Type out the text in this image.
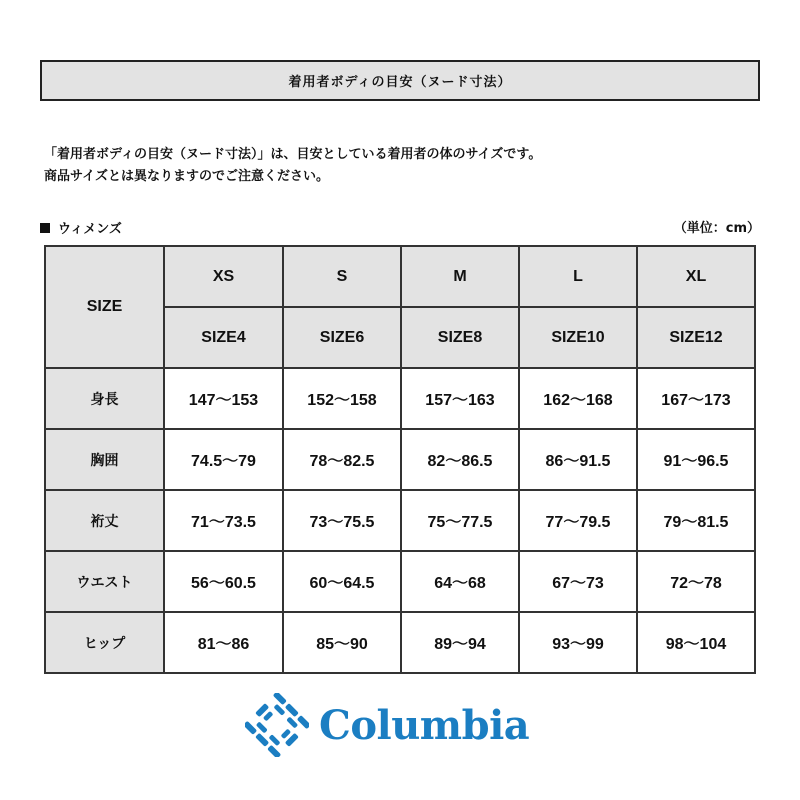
着用者ボディの目安（ヌード寸法）

「着用者ボディの目安（ヌード寸法）」は、目安としている着用者の体のサイズです。

商品サイズとは異なりますのでご注意ください。

ウィメンズ	（単位：cm）
SIZE	XS	S	M	L	XL
	SIZE4	SIZE6	SIZE8	SIZE10	SIZE12
身長	147～153	152～158	157～163	162～168	167～173
胸囲	74.5～79	78～82.5	82～86.5	86～91.5	91～96.5
裄丈	71～73.5	73～75.5	75～77.5	77～79.5	79～81.5
ウエスト	56～60.5	60～64.5	64～68	67～73	72～78
ヒップ	81～86	85～90	89～94	93～99	98～104
Columbia
